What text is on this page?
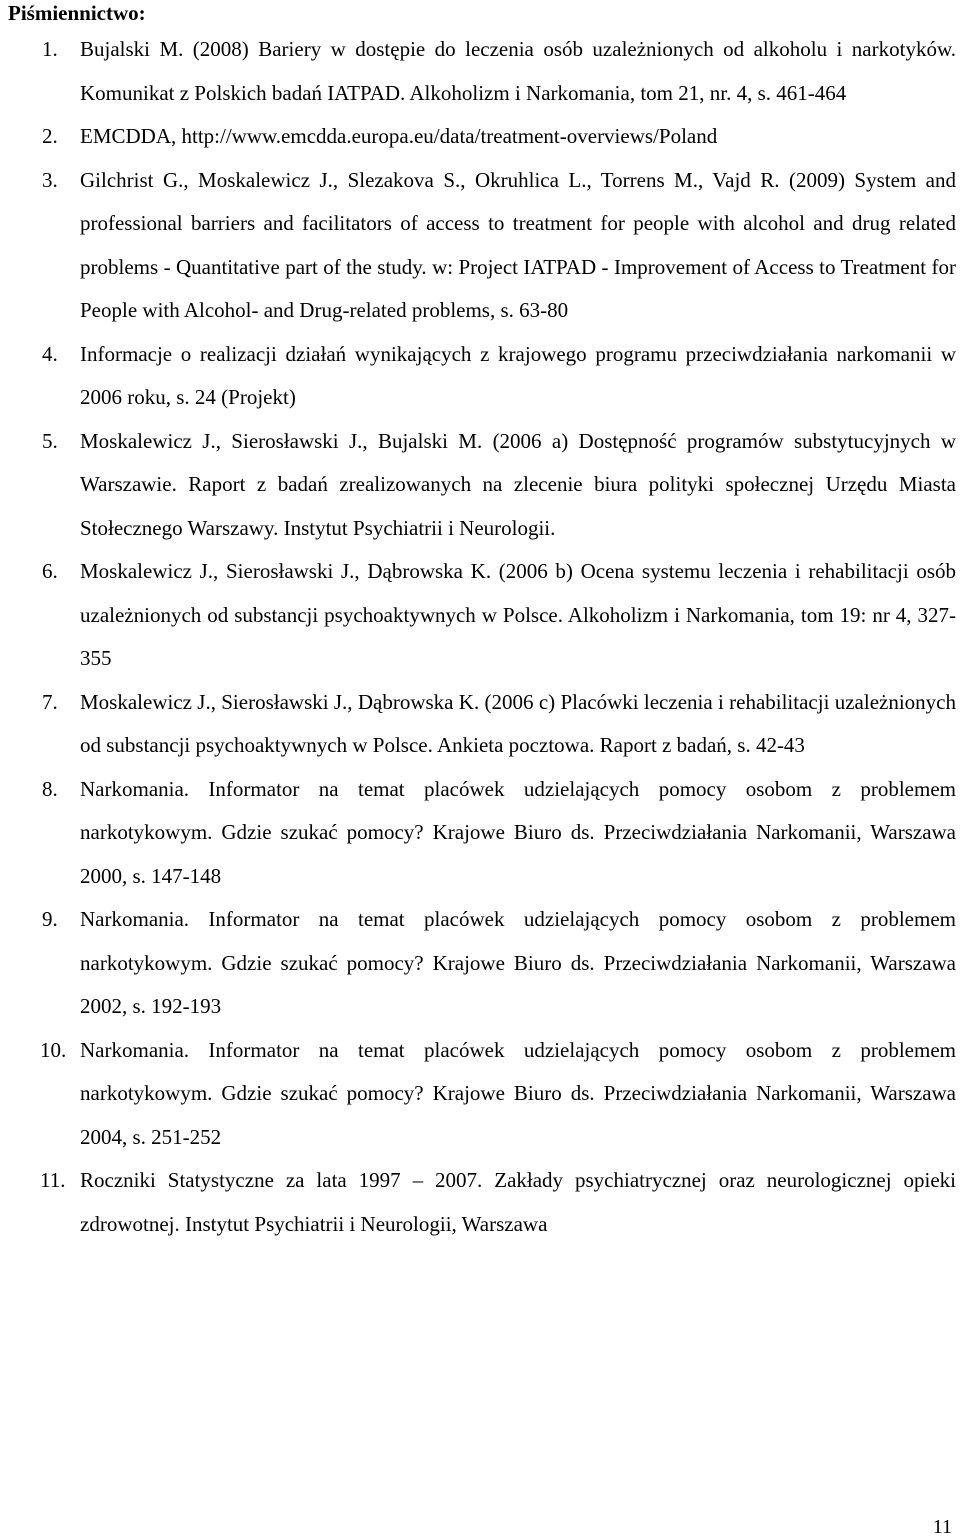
Piśmiennictwo:
1. Bujalski M. (2008) Bariery w dostępie do leczenia osób uzależnionych od alkoholu i narkotyków. Komunikat z Polskich badań IATPAD. Alkoholizm i Narkomania, tom 21, nr. 4, s. 461-464
2. EMCDDA, http://www.emcdda.europa.eu/data/treatment-overviews/Poland
3. Gilchrist G., Moskalewicz J., Slezakova S., Okruhlica L., Torrens M., Vajd R. (2009) System and professional barriers and facilitators of access to treatment for people with alcohol and drug related problems - Quantitative part of the study. w: Project IATPAD - Improvement of Access to Treatment for People with Alcohol- and Drug-related problems, s. 63-80
4. Informacje o realizacji działań wynikających z krajowego programu przeciwdziałania narkomanii w 2006 roku, s. 24 (Projekt)
5. Moskalewicz J., Sierosławski J., Bujalski M. (2006 a) Dostępność programów substytucyjnych w Warszawie. Raport z badań zrealizowanych na zlecenie biura polityki społecznej Urzędu Miasta Stołecznego Warszawy. Instytut Psychiatrii i Neurologii.
6. Moskalewicz J., Sierosławski J., Dąbrowska K. (2006 b) Ocena systemu leczenia i rehabilitacji osób uzależnionych od substancji psychoaktywnych w Polsce. Alkoholizm i Narkomania, tom 19: nr 4, 327-355
7. Moskalewicz J., Sierosławski J., Dąbrowska K. (2006 c) Placówki leczenia i rehabilitacji uzależnionych od substancji psychoaktywnych w Polsce. Ankieta pocztowa. Raport z badań, s. 42-43
8. Narkomania. Informator na temat placówek udzielających pomocy osobom z problemem narkotykowym. Gdzie szukać pomocy? Krajowe Biuro ds. Przeciwdziałania Narkomanii, Warszawa 2000, s. 147-148
9. Narkomania. Informator na temat placówek udzielających pomocy osobom z problemem narkotykowym. Gdzie szukać pomocy? Krajowe Biuro ds. Przeciwdziałania Narkomanii, Warszawa 2002, s. 192-193
10. Narkomania. Informator na temat placówek udzielających pomocy osobom z problemem narkotykowym. Gdzie szukać pomocy? Krajowe Biuro ds. Przeciwdziałania Narkomanii, Warszawa 2004, s. 251-252
11. Roczniki Statystyczne za lata 1997 – 2007. Zakłady psychiatrycznej oraz neurologicznej opieki zdrowotnej. Instytut Psychiatrii i Neurologii, Warszawa
11
